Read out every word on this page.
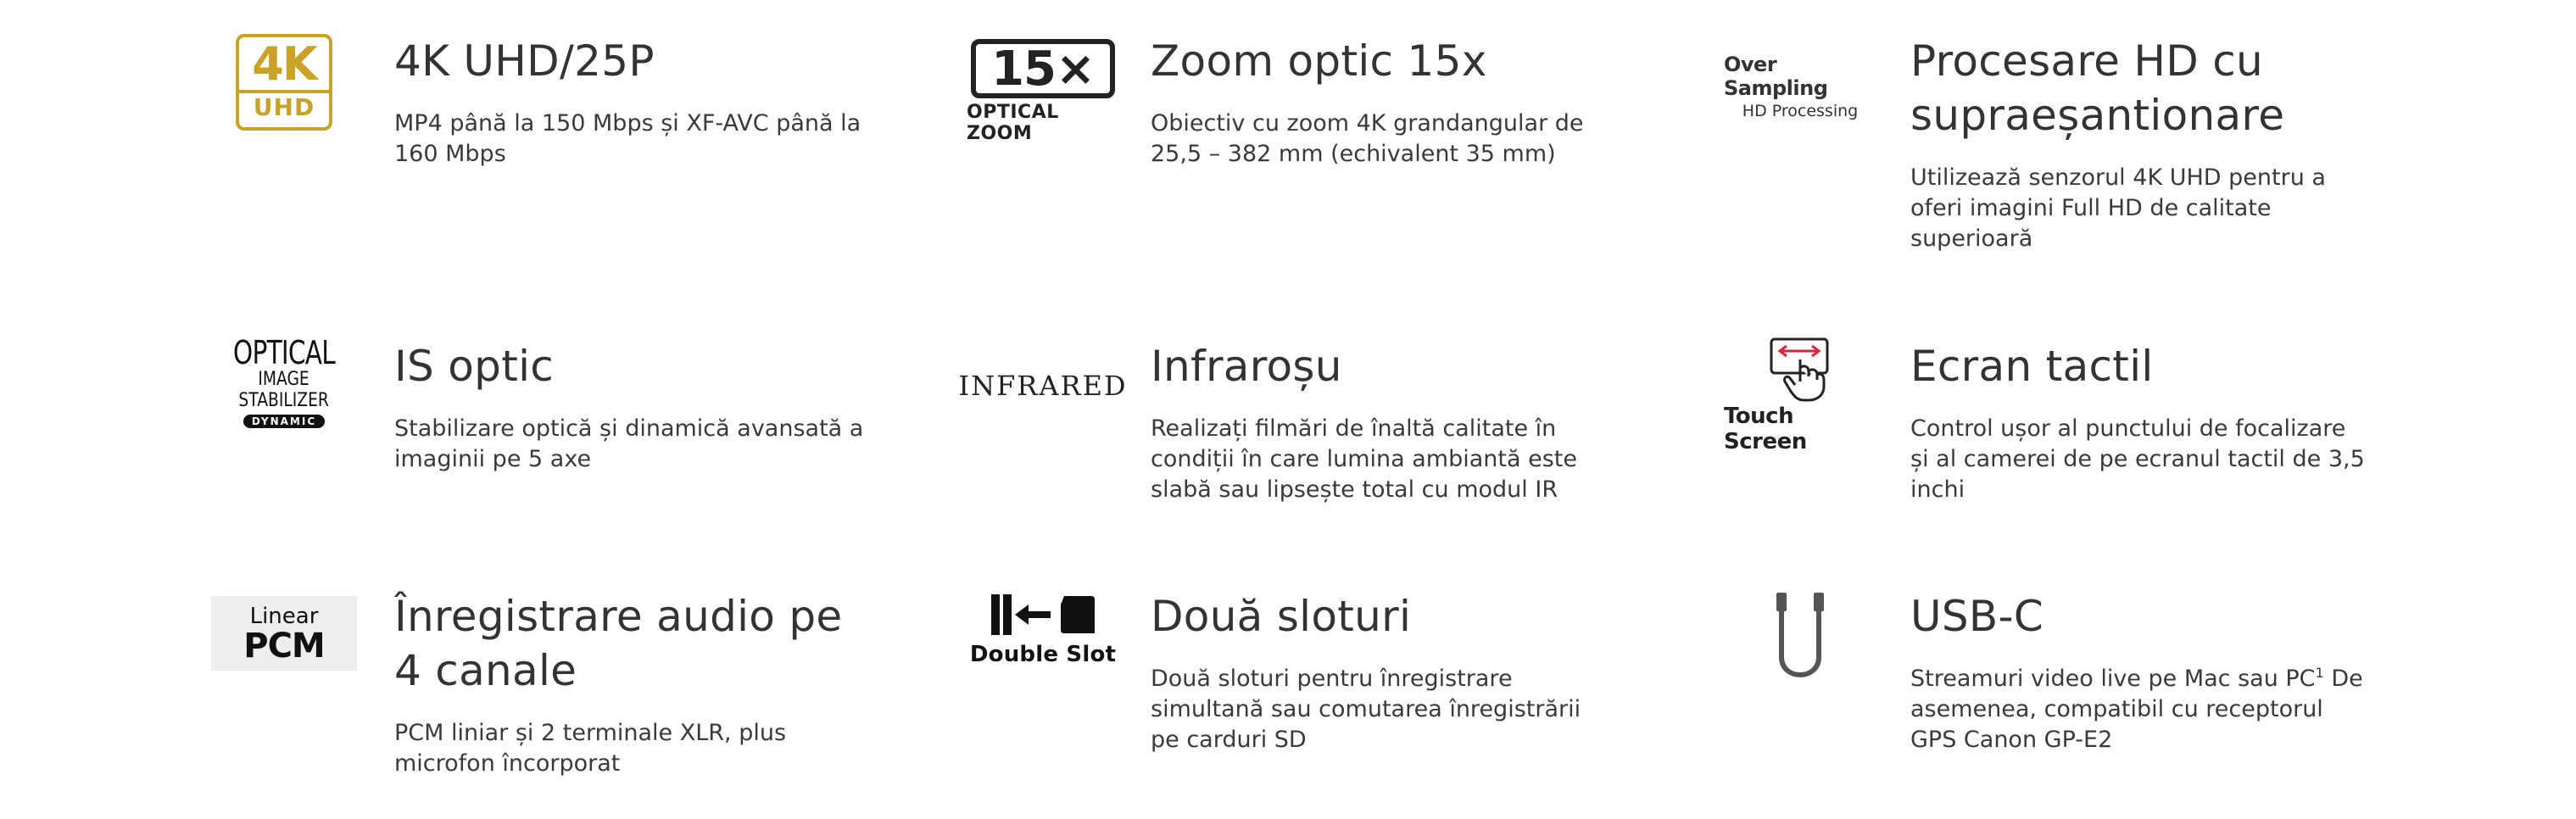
4K
UHD
4K UHD/25P

MP4 până la 150 Mbps și XF-AVC până la 160 Mbps

15×
OPTICAL ZOOM
Zoom optic 15x

Obiectiv cu zoom 4K grandangular de 25,5 – 382 mm (echivalent 35 mm)

Over Sampling
HD Processing
Procesare HD cu supraeșantionare

Utilizează senzorul 4K UHD pentru a oferi imagini Full HD de calitate superioară

OPTICAL
IMAGE
STABILIZER
DYNAMIC
IS optic

Stabilizare optică și dinamică avansată a imaginii pe 5 axe

INFRARED Infraroșu

Realizați filmări de înaltă calitate în condiții în care lumina ambiantă este slabă sau lipsește total cu modul IR

Touch Screen
Ecran tactil

Control ușor al punctului de focalizare și al camerei de pe ecranul tactil de 3,5 inchi

Linear
PCM
Înregistrare audio pe 4 canale

PCM liniar și 2 terminale XLR, plus microfon încorporat

Double Slot
Două sloturi

Două sloturi pentru înregistrare simultană sau comutarea înregistrării pe carduri SD

USB-C

Streamuri video live pe Mac sau $PC^1$ De asemenea, compatibil cu receptorul GPS Canon GP-E2
